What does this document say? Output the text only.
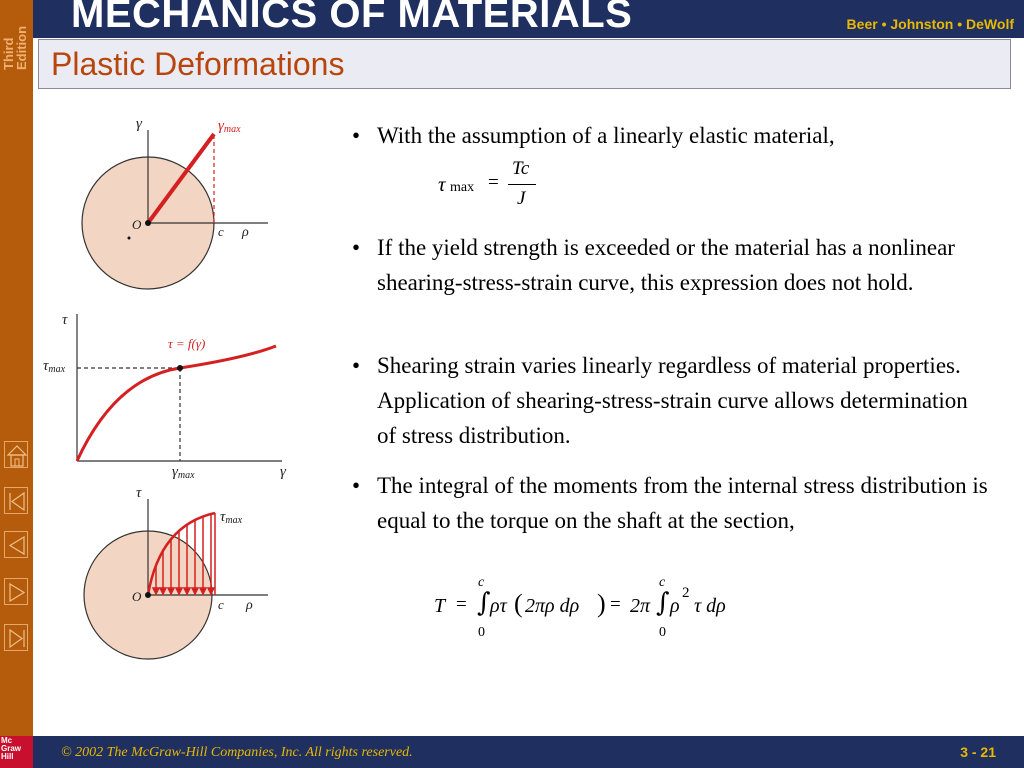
Third Edition
MECHANICS OF MATERIALS	Beer • Johnston • DeWolf
Plastic Deformations
γ	γmax
O	c ρ
τ
τmax
τ = f(γ)
γmax	γ
τ
τmax
O
c ρ
• With the assumption of a linearly elastic material,
τ max =
Tc
J
• If the yield strength is exceeded or the material has a nonlinear shearing-stress-strain curve, this expression does not hold.
• Shearing strain varies linearly regardless of material properties. Application of shearing-stress-strain curve allows determination of stress distribution.
• The integral of the moments from the internal stress distribution is equal to the torque on the shaft at the section,
T =
c
∫
0
ρτ ( 2πρ dρ ) = 2π
c
∫
0
ρ
2
τ dρ
Mc Graw Hill	© 2002 The McGraw-Hill Companies, Inc. All rights reserved.	3 - 21
